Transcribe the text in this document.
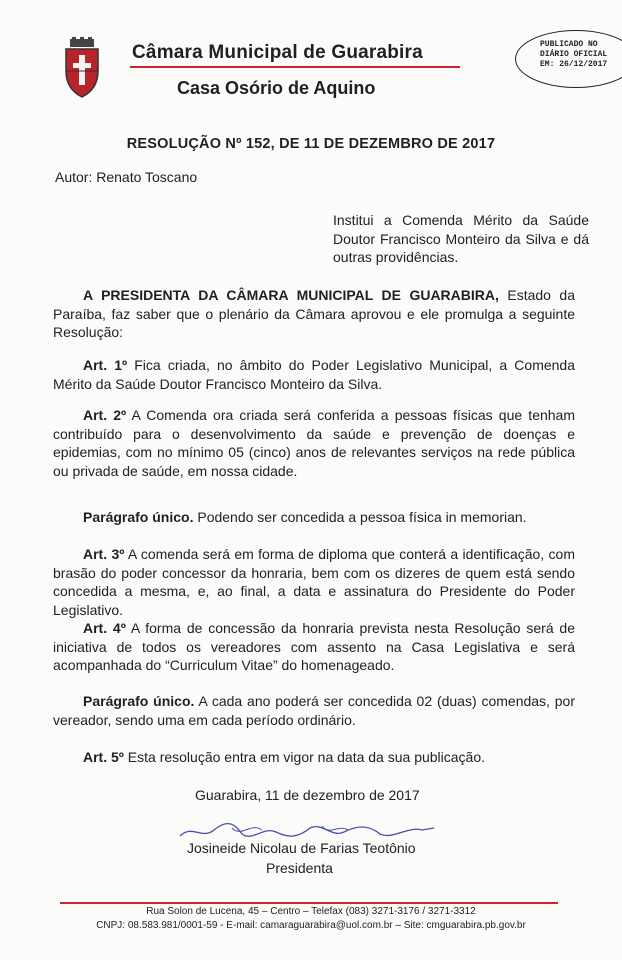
Câmara Municipal de Guarabira
Casa Osório de Aquino
PUBLICADO NO
DIÁRIO OFICIAL
EM: 26/12/2017
RESOLUÇÃO Nº 152, DE 11 DE DEZEMBRO DE 2017
Autor: Renato Toscano
Institui a Comenda Mérito da Saúde Doutor Francisco Monteiro da Silva e dá outras providências.
A PRESIDENTA DA CÂMARA MUNICIPAL DE GUARABIRA, Estado da Paraíba, faz saber que o plenário da Câmara aprovou e ele promulga a seguinte Resolução:
Art. 1º Fica criada, no âmbito do Poder Legislativo Municipal, a Comenda Mérito da Saúde Doutor Francisco Monteiro da Silva.
Art. 2º A Comenda ora criada será conferida a pessoas físicas que tenham contribuído para o desenvolvimento da saúde e prevenção de doenças e epidemias, com no mínimo 05 (cinco) anos de relevantes serviços na rede pública ou privada de saúde, em nossa cidade.
Parágrafo único. Podendo ser concedida a pessoa física in memorian.
Art. 3º A comenda será em forma de diploma que conterá a identificação, com brasão do poder concessor da honraria, bem com os dizeres de quem está sendo concedida a mesma, e, ao final, a data e assinatura do Presidente do Poder Legislativo.
Art. 4º A forma de concessão da honraria prevista nesta Resolução será de iniciativa de todos os vereadores com assento na Casa Legislativa e será acompanhada do “Curriculum Vitae” do homenageado.
Parágrafo único. A cada ano poderá ser concedida 02 (duas) comendas, por vereador, sendo uma em cada período ordinário.
Art. 5º Esta resolução entra em vigor na data da sua publicação.
Guarabira, 11 de dezembro de 2017
Josineide Nicolau de Farias Teotônio
Presidenta
Rua Solon de Lucena, 45 – Centro – Telefax (083) 3271-3176 / 3271-3312
CNPJ: 08.583.981/0001-59 - E-mail: camaraguarabira@uol.com.br – Site: cmguarabira.pb.gov.br
